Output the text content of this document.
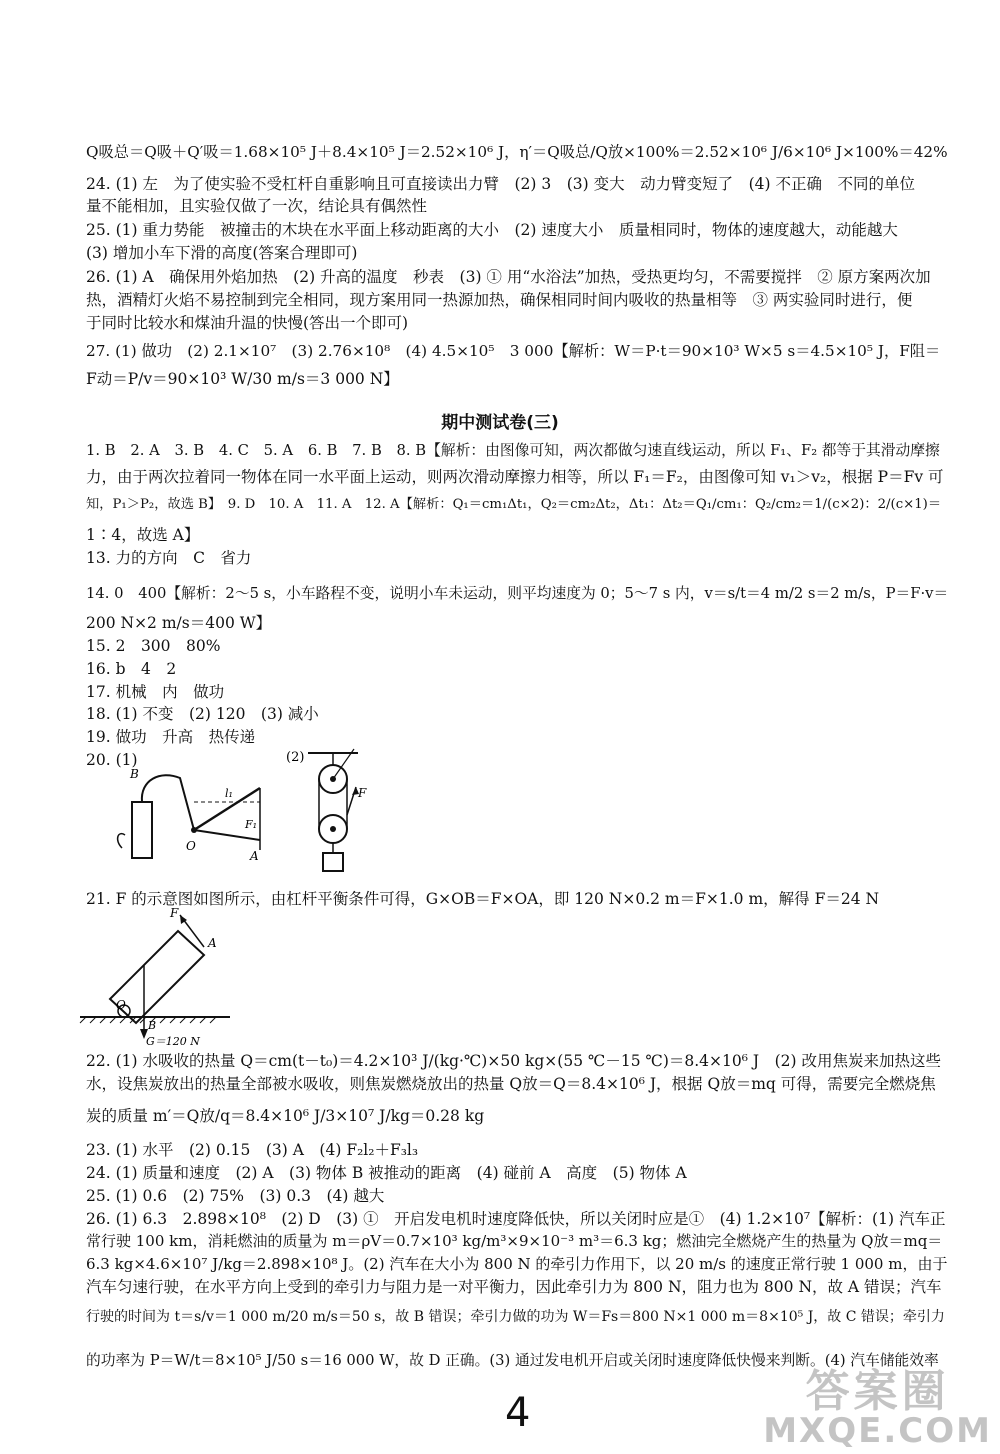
Q吸总＝Q吸＋Q′吸＝1.68×10⁵ J＋8.4×10⁵ J＝2.52×10⁶ J，η′＝Q吸总/Q放×100%＝2.52×10⁶ J/6×10⁶ J×100%＝42%
24. (1) 左　为了使实验不受杠杆自重影响且可直接读出力臂　(2) 3　(3) 变大　动力臂变短了　(4) 不正确　不同的单位
量不能相加，且实验仅做了一次，结论具有偶然性
25. (1) 重力势能　被撞击的木块在水平面上移动距离的大小　(2) 速度大小　质量相同时，物体的速度越大，动能越大
(3) 增加小车下滑的高度(答案合理即可)
26. (1) A　确保用外焰加热　(2) 升高的温度　秒表　(3) ① 用“水浴法”加热，受热更均匀，不需要搅拌　② 原方案两次加
热，酒精灯火焰不易控制到完全相同，现方案用同一热源加热，确保相同时间内吸收的热量相等　③ 两实验同时进行，便
于同时比较水和煤油升温的快慢(答出一个即可)
27. (1) 做功　(2) 2.1×10⁷　(3) 2.76×10⁸　(4) 4.5×10⁵　3 000【解析：W＝P·t＝90×10³ W×5 s＝4.5×10⁵ J，F阻＝
F动＝P/v＝90×10³ W/30 m/s＝3 000 N】
期中测试卷(三)
1. B　2. A　3. B　4. C　5. A　6. B　7. B　8. B【解析：由图像可知，两次都做匀速直线运动，所以 F₁、F₂ 都等于其滑动摩擦
力，由于两次拉着同一物体在同一水平面上运动，则两次滑动摩擦力相等，所以 F₁＝F₂，由图像可知 v₁＞v₂，根据 P＝Fv 可
知，P₁＞P₂，故选 B】　9. D　10. A　11. A　12. A【解析：Q₁＝cm₁Δt₁，Q₂＝cm₂Δt₂，Δt₁：Δt₂＝Q₁/cm₁：Q₂/cm₂＝1/(c×2)：2/(c×1)＝
1∶4，故选 A】
13. 力的方向　C　省力
14. 0　400【解析：2～5 s，小车路程不变，说明小车未运动，则平均速度为 0；5～7 s 内，v＝s/t＝4 m/2 s＝2 m/s，P＝F·v＝
200 N×2 m/s＝400 W】
15. 2　300　80%
16. b　4　2
17. 机械　内　做功
18. (1) 不变　(2) 120　(3) 减小
19. 做功　升高　热传递
20. (1)
B
O
A
l₁
F₁
(2)
F
21. F 的示意图如图所示，由杠杆平衡条件可得，G×OB＝F×OA，即 120 N×0.2 m＝F×1.0 m，解得 F＝24 N
F
A
O
B
G＝120 N
22. (1) 水吸收的热量 Q＝cm(t－t₀)＝4.2×10³ J/(kg·℃)×50 kg×(55 ℃－15 ℃)＝8.4×10⁶ J　(2) 改用焦炭来加热这些
水，设焦炭放出的热量全部被水吸收，则焦炭燃烧放出的热量 Q放＝Q＝8.4×10⁶ J，根据 Q放＝mq 可得，需要完全燃烧焦
炭的质量 m′＝Q放/q＝8.4×10⁶ J/3×10⁷ J/kg＝0.28 kg
23. (1) 水平　(2) 0.15　(3) A　(4) F₂l₂＋F₃l₃
24. (1) 质量和速度　(2) A　(3) 物体 B 被推动的距离　(4) 碰前 A　高度　(5) 物体 A
25. (1) 0.6　(2) 75%　(3) 0.3　(4) 越大
26. (1) 6.3　2.898×10⁸　(2) D　(3) ①　开启发电机时速度降低快，所以关闭时应是①　(4) 1.2×10⁷【解析：(1) 汽车正
常行驶 100 km，消耗燃油的质量为 m＝ρV＝0.7×10³ kg/m³×9×10⁻³ m³＝6.3 kg；燃油完全燃烧产生的热量为 Q放＝mq＝
6.3 kg×4.6×10⁷ J/kg＝2.898×10⁸ J。(2) 汽车在大小为 800 N 的牵引力作用下，以 20 m/s 的速度正常行驶 1 000 m，由于
汽车匀速行驶，在水平方向上受到的牵引力与阻力是一对平衡力，因此牵引力为 800 N，阻力也为 800 N，故 A 错误；汽车
行驶的时间为 t＝s/v＝1 000 m/20 m/s＝50 s，故 B 错误；牵引力做的功为 W＝Fs＝800 N×1 000 m＝8×10⁵ J，故 C 错误；牵引力
的功率为 P＝W/t＝8×10⁵ J/50 s＝16 000 W，故 D 正确。(3) 通过发电机开启或关闭时速度降低快慢来判断。(4) 汽车储能效率
4	答案圈
MXQE.COM
